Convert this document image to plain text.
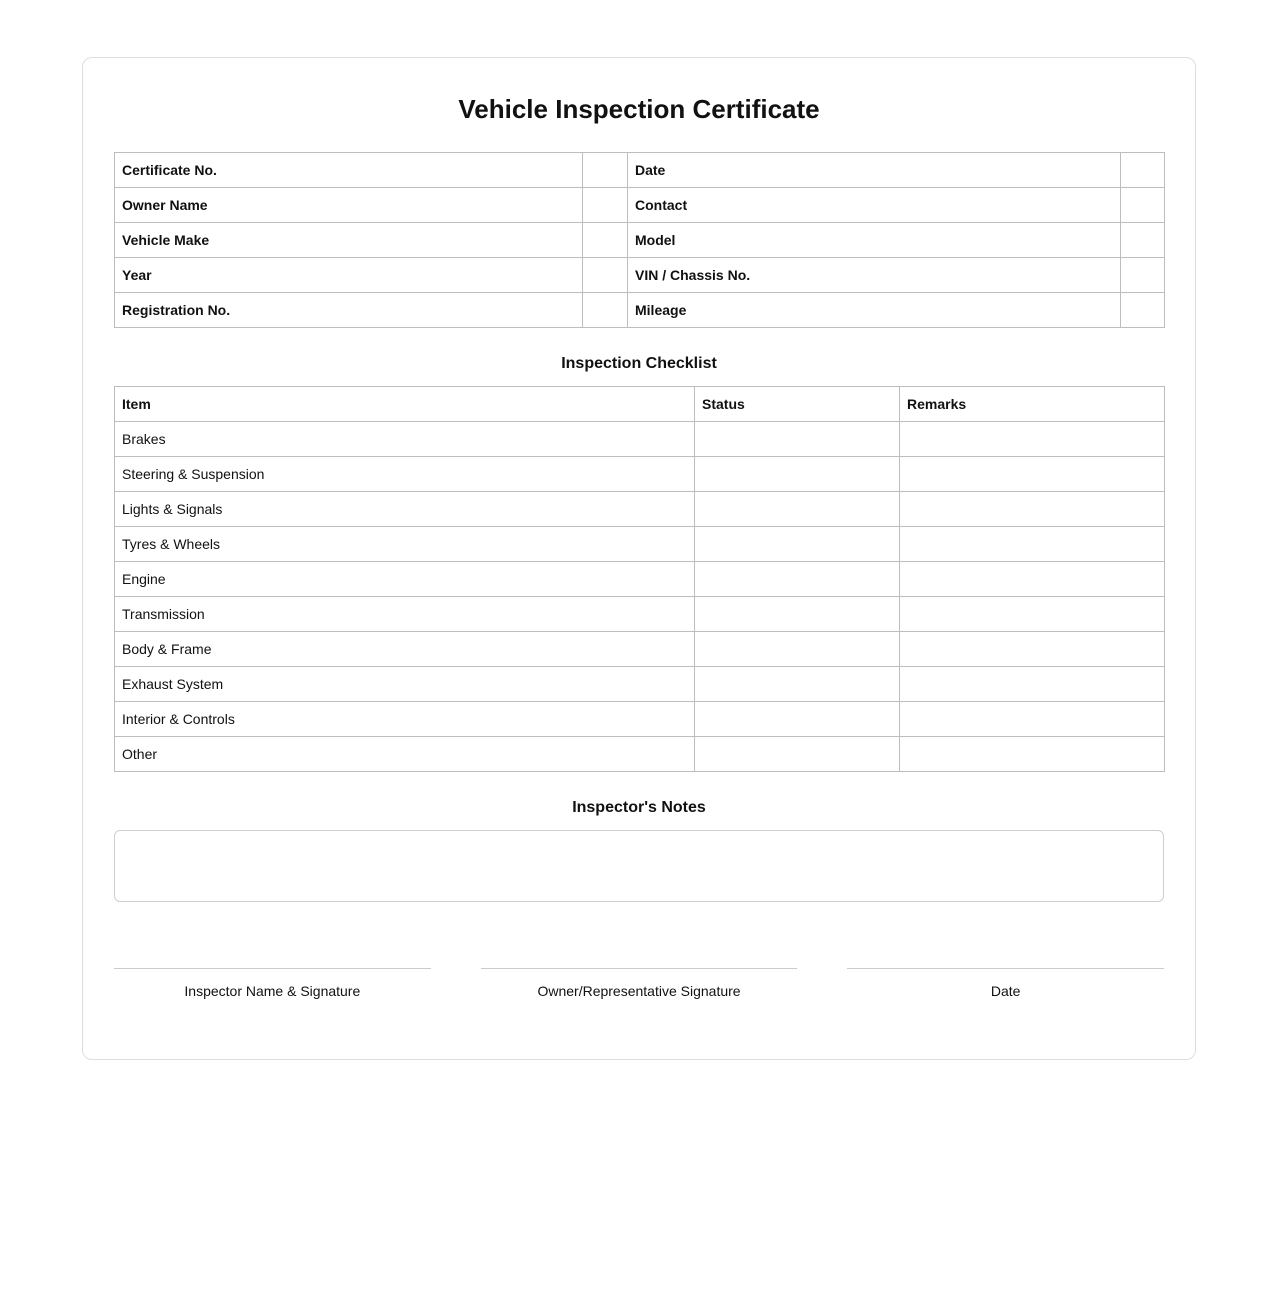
Vehicle Inspection Certificate
Certificate No.		Date	
Owner Name		Contact	
Vehicle Make		Model	
Year		VIN / Chassis No.	
Registration No.		Mileage	
Inspection Checklist
Item	Status	Remarks
Brakes		
Steering & Suspension		
Lights & Signals		
Tyres & Wheels		
Engine		
Transmission		
Body & Frame		
Exhaust System		
Interior & Controls		
Other		
Inspector's Notes
Inspector Name & Signature	Owner/Representative Signature	Date
